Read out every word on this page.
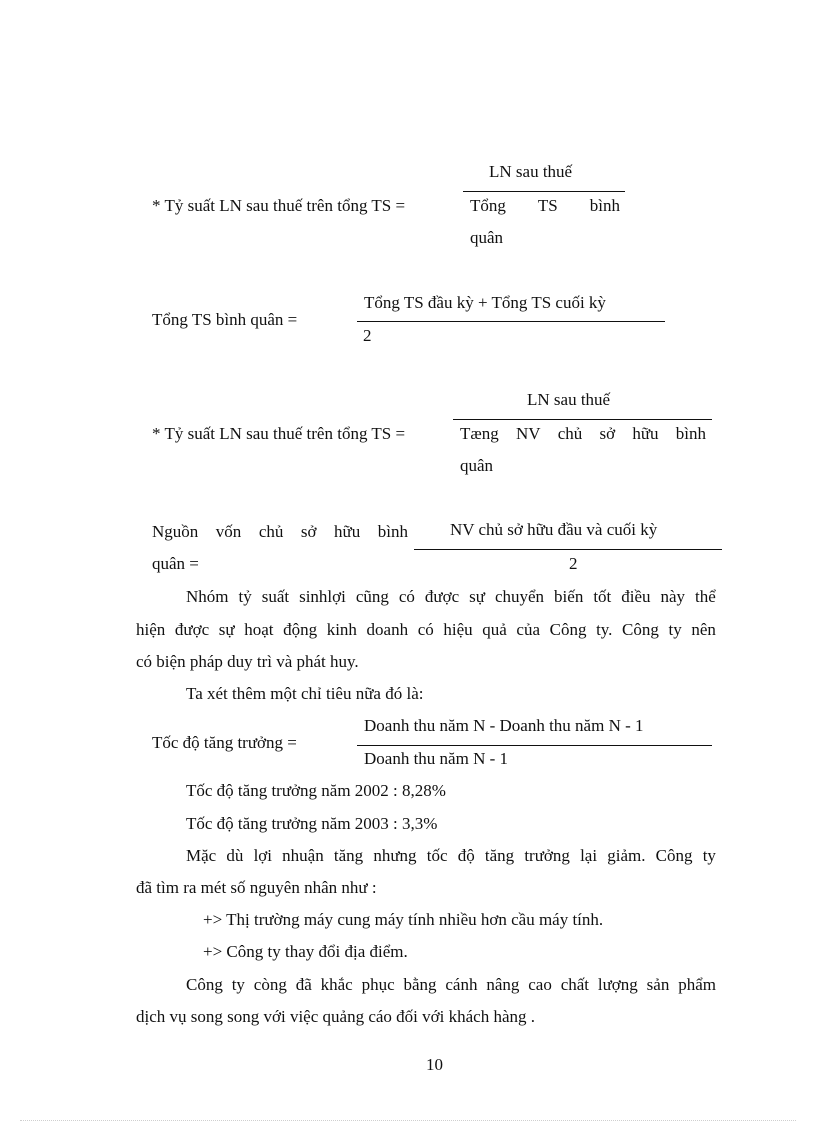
LN sau thuế
* Tỷ suất LN sau thuế trên tổng TS =	Tổng TS bình
quân
Tổng TS đầu kỳ + Tổng TS cuối kỳ
Tổng TS bình quân =
2
LN sau thuế
* Tỷ suất LN sau thuế trên tổng TS =	Tæng NV chủ sở hữu bình
quân
Nguồn vốn chủ sở hữu bình NV chủ sở hữu đầu và cuối kỳ
quân =	2
Nhóm tỷ suất sinhlợi cũng có được sự chuyển biến tốt điều này thể
hiện được sự hoạt động kinh doanh có hiệu quả của Công ty. Công ty nên
có biện pháp duy trì và phát huy.
Ta xét thêm một chỉ tiêu nữa đó là:
Doanh thu năm N - Doanh thu năm N - 1
Tốc độ tăng trưởng =
Doanh thu năm N - 1
Tốc độ tăng trưởng năm 2002 : 8,28%
Tốc độ tăng trưởng năm 2003 : 3,3%
Mặc dù lợi nhuận tăng nhưng tốc độ tăng trưởng lại giảm. Công ty
đã tìm ra mét số nguyên nhân như :
+> Thị trường máy cung máy tính nhiều hơn cầu máy tính.
+> Công ty thay đổi địa điểm.
Công ty còng đã khắc phục bằng cánh nâng cao chất lượng sản phẩm
dịch vụ song song với việc quảng cáo đối với khách hàng .
10
